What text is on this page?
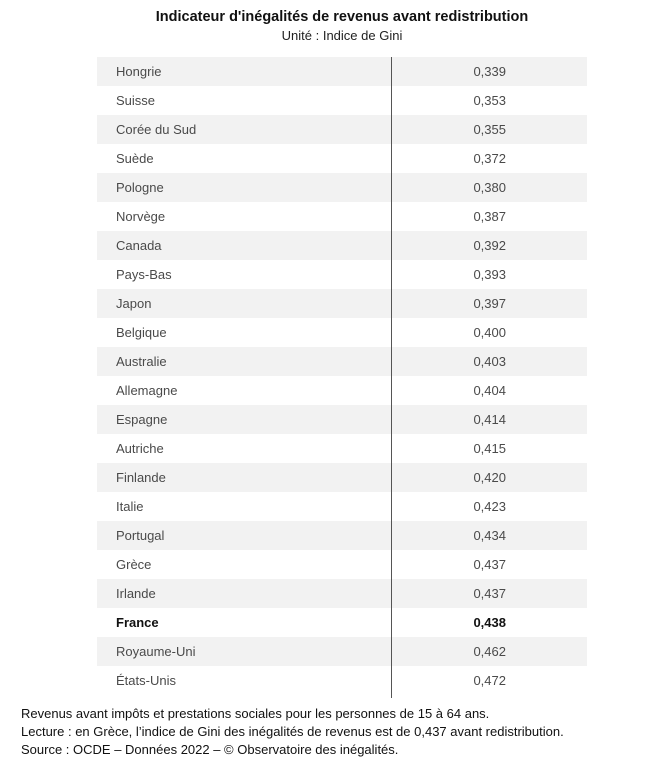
Indicateur d'inégalités de revenus avant redistribution
Unité : Indice de Gini
Hongrie	0,339
Suisse	0,353
Corée du Sud	0,355
Suède	0,372
Pologne	0,380
Norvège	0,387
Canada	0,392
Pays-Bas	0,393
Japon	0,397
Belgique	0,400
Australie	0,403
Allemagne	0,404
Espagne	0,414
Autriche	0,415
Finlande	0,420
Italie	0,423
Portugal	0,434
Grèce	0,437
Irlande	0,437
France	0,438
Royaume-Uni	0,462
États-Unis	0,472
Revenus avant impôts et prestations sociales pour les personnes de 15 à 64 ans.
Lecture : en Grèce, l’indice de Gini des inégalités de revenus est de 0,437 avant redistribution.
Source : OCDE – Données 2022 – © Observatoire des inégalités.
